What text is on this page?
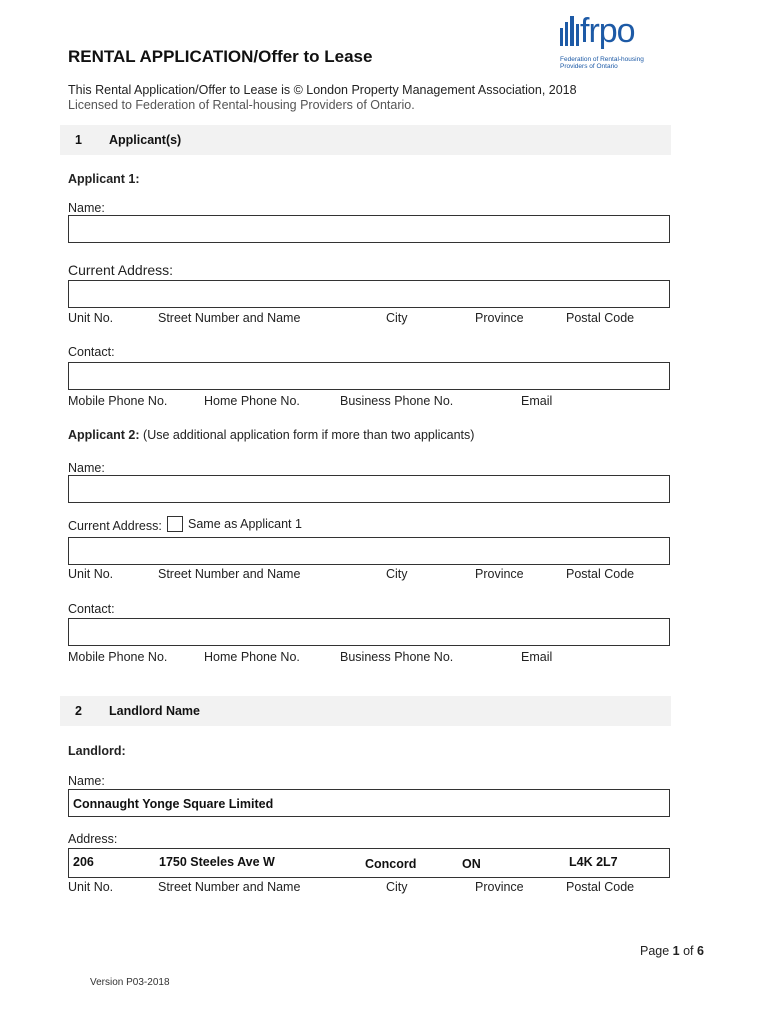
frpo
Federation of Rental-housing
Providers of Ontario
RENTAL APPLICATION/Offer to Lease
This Rental Application/Offer to Lease is © London Property Management Association, 2018
Licensed to Federation of Rental-housing Providers of Ontario.
1 Applicant(s)
Applicant 1:
Name:
Current Address:
Unit No.	Street Number and Name	City	Province	Postal Code
Contact:
Mobile Phone No.	Home Phone No.	Business Phone No.	Email
Applicant 2: (Use additional application form if more than two applicants)
Name:
Current Address: Same as Applicant 1
Unit No.	Street Number and Name	City	Province	Postal Code
Contact:
Mobile Phone No.	Home Phone No.	Business Phone No.	Email
2 Landlord Name
Landlord:
Name:
Connaught Yonge Square Limited
Address:
206	1750 Steeles Ave W	Concord	ON	L4K 2L7
Unit No.	Street Number and Name	City	Province	Postal Code
Page 1 of 6
Version P03-2018
